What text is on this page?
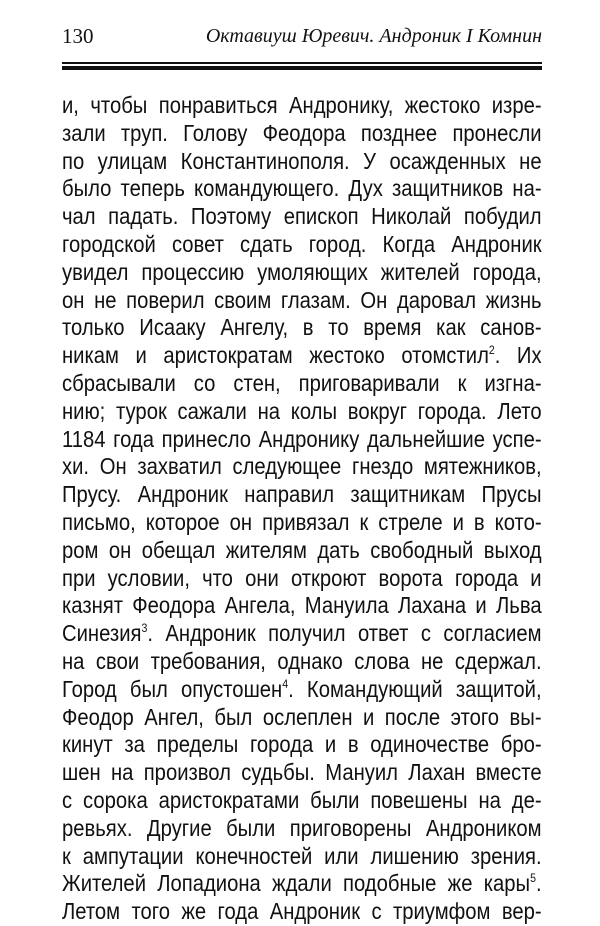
130	Октавиуш Юревич. Андроник I Комнин
и, чтобы понравиться Андронику, жестоко изре-
зали труп. Голову Феодора позднее пронесли
по улицам Константинополя. У осажденных не
было теперь командующего. Дух защитников на-
чал падать. Поэтому епископ Николай побудил
городской совет сдать город. Когда Андроник
увидел процессию умоляющих жителей города,
он не поверил своим глазам. Он даровал жизнь
только Исааку Ангелу, в то время как санов-
никам и аристократам жестоко отомстил$^2$. Их
сбрасывали со стен, приговаривали к изгна-
нию; турок сажали на колы вокруг города. Лето
1184 года принесло Андронику дальнейшие успе-
хи. Он захватил следующее гнездо мятежников,
Прусу. Андроник направил защитникам Прусы
письмо, которое он привязал к стреле и в кото-
ром он обещал жителям дать свободный выход
при условии, что они откроют ворота города и
казнят Феодора Ангела, Мануила Лахана и Льва
Синезия$^3$. Андроник получил ответ с согласием
на свои требования, однако слова не сдержал.
Город был опустошен$^4$. Командующий защитой,
Феодор Ангел, был ослеплен и после этого вы-
кинут за пределы города и в одиночестве бро-
шен на произвол судьбы. Мануил Лахан вместе
с сорока аристократами были повешены на де-
ревьях. Другие были приговорены Андроником
к ампутации конечностей или лишению зрения.
Жителей Лопадиона ждали подобные же кары$^5$.
Летом того же года Андроник с триумфом вер-
